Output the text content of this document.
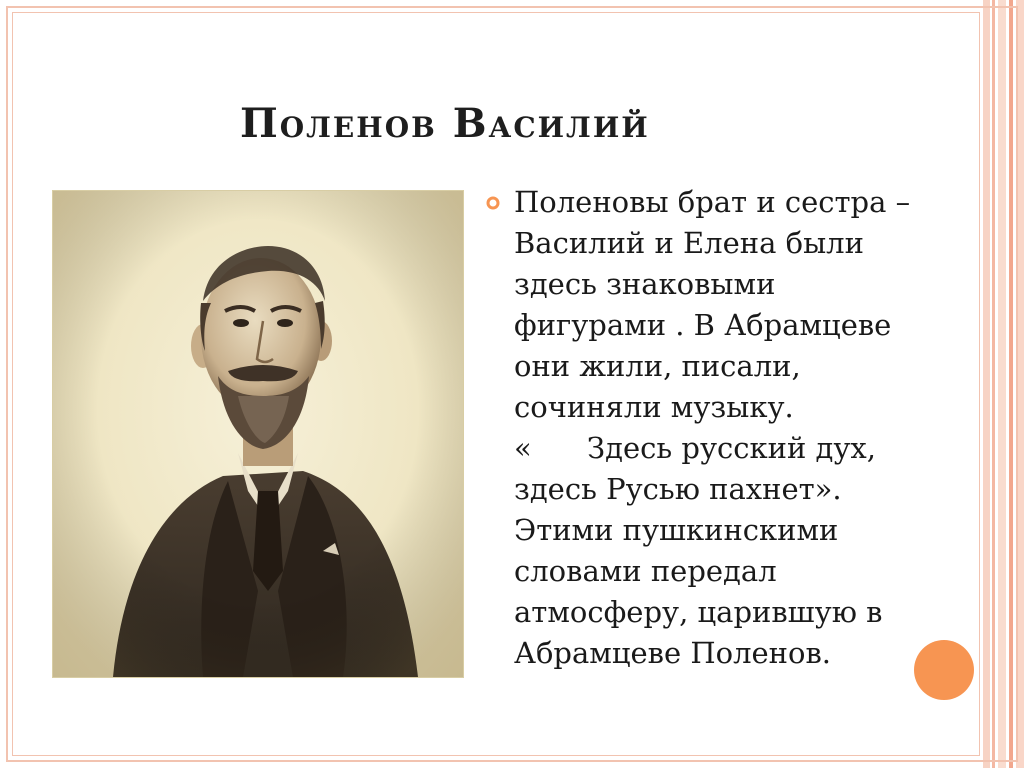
Поленов Василий
Поленовы брат и сестра –
Василий и Елена были
здесь знаковыми
фигурами . В Абрамцеве
они жили, писали,
сочиняли музыку.
«      Здесь русский дух,
здесь Русью пахнет».
Этими пушкинскими
словами передал
атмосферу, царившую в
Абрамцеве Поленов.
